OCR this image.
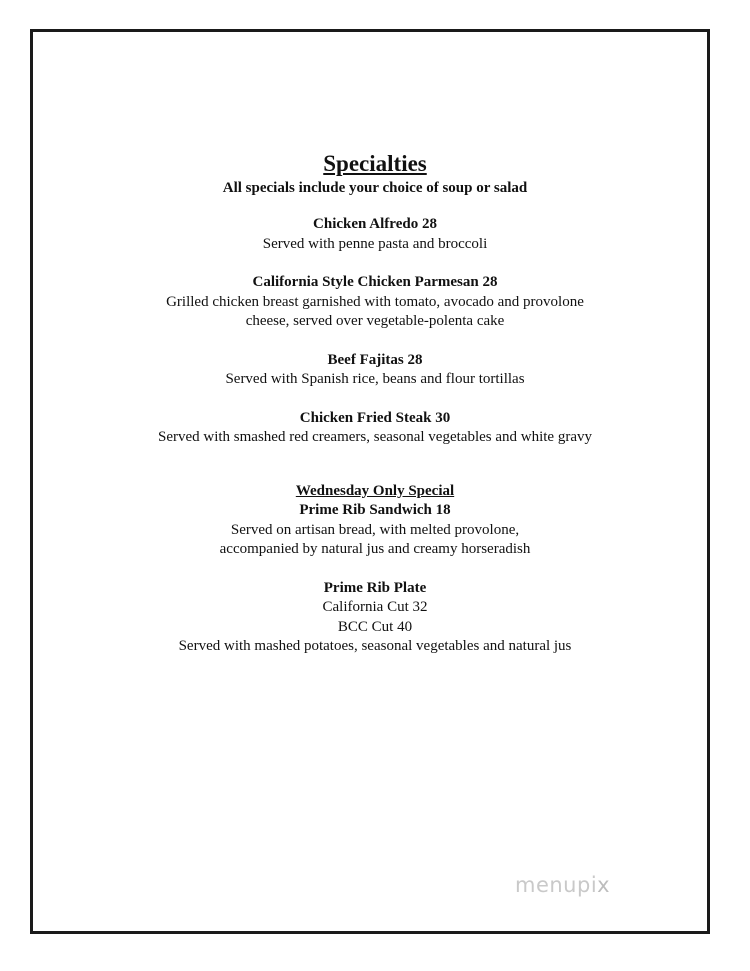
Specialties
All specials include your choice of soup or salad
Chicken Alfredo 28
Served with penne pasta and broccoli
California Style Chicken Parmesan 28
Grilled chicken breast garnished with tomato, avocado and provolone
cheese, served over vegetable-polenta cake
Beef Fajitas 28
Served with Spanish rice, beans and flour tortillas
Chicken Fried Steak 30
Served with smashed red creamers, seasonal vegetables and white gravy
Wednesday Only Special
Prime Rib Sandwich 18
Served on artisan bread, with melted provolone,
accompanied by natural jus and creamy horseradish
Prime Rib Plate
California Cut 32
BCC Cut 40
Served with mashed potatoes, seasonal vegetables and natural jus
menupix
